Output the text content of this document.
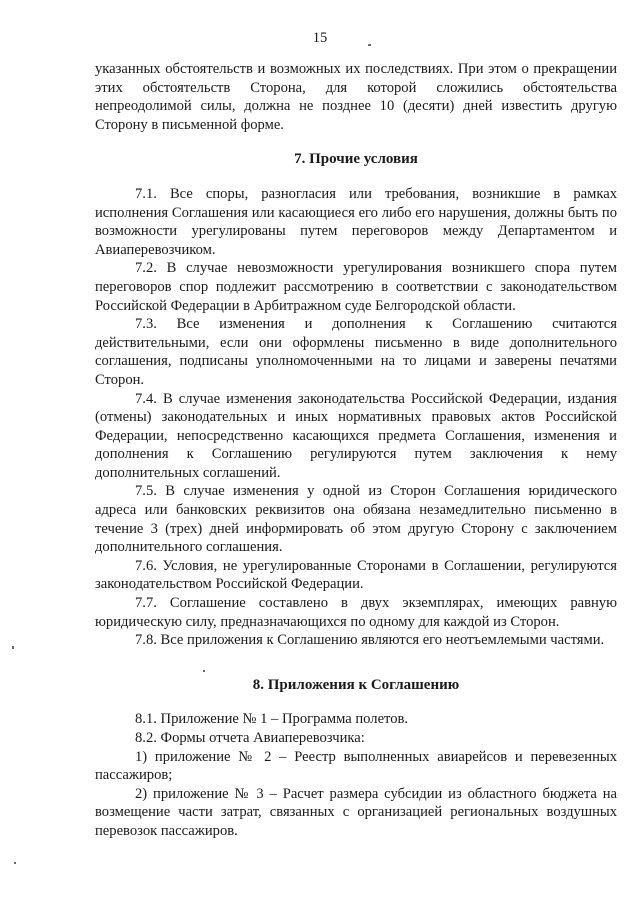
15

указанных обстоятельств и возможных их последствиях. При этом о прекращении этих обстоятельств Сторона, для которой сложились обстоятельства непреодолимой силы, должна не позднее 10 (десяти) дней известить другую Сторону в письменной форме.

7. Прочие условия

7.1. Все споры, разногласия или требования, возникшие в рамках исполнения Соглашения или касающиеся его либо его нарушения, должны быть по возможности урегулированы путем переговоров между Департаментом и Авиаперевозчиком.

7.2. В случае невозможности урегулирования возникшего спора путем переговоров спор подлежит рассмотрению в соответствии с законодательством Российской Федерации в Арбитражном суде Белгородской области.

7.3. Все изменения и дополнения к Соглашению считаются действительными, если они оформлены письменно в виде дополнительного соглашения, подписаны уполномоченными на то лицами и заверены печатями Сторон.

7.4. В случае изменения законодательства Российской Федерации, издания (отмены) законодательных и иных нормативных правовых актов Российской Федерации, непосредственно касающихся предмета Соглашения, изменения и дополнения к Соглашению регулируются путем заключения к нему дополнительных соглашений.

7.5. В случае изменения у одной из Сторон Соглашения юридического адреса или банковских реквизитов она обязана незамедлительно письменно в течение 3 (трех) дней информировать об этом другую Сторону с заключением дополнительного соглашения.

7.6. Условия, не урегулированные Сторонами в Соглашении, регулируются законодательством Российской Федерации.

7.7. Соглашение составлено в двух экземплярах, имеющих равную юридическую силу, предназначающихся по одному для каждой из Сторон.

7.8. Все приложения к Соглашению являются его неотъемлемыми частями.

8. Приложения к Соглашению

8.1. Приложение № 1 – Программа полетов.

8.2. Формы отчета Авиаперевозчика:

1) приложение № 2 – Реестр выполненных авиарейсов и перевезенных пассажиров;

2) приложение № 3 – Расчет размера субсидии из областного бюджета на возмещение части затрат, связанных с организацией региональных воздушных перевозок пассажиров.
